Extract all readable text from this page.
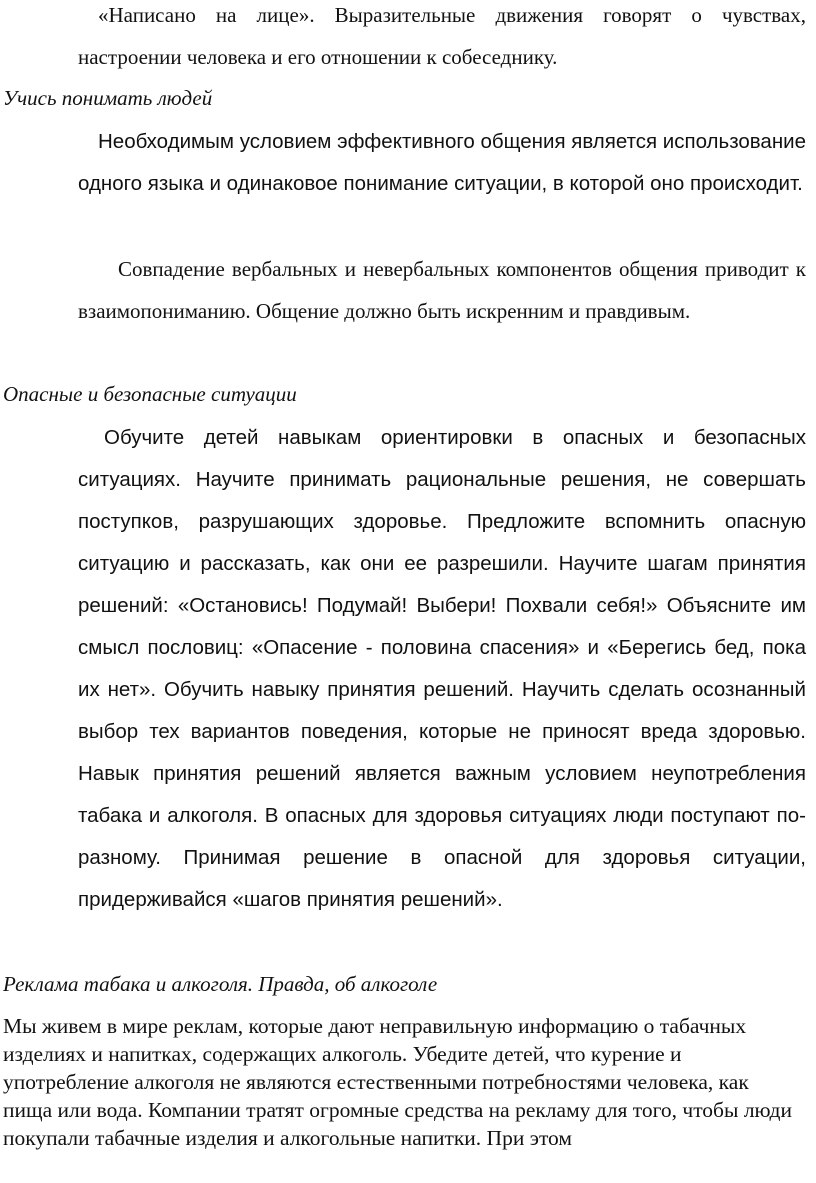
«Написано на лице». Выразительные движения говорят о чувствах, настроении человека и его отношении к собеседнику.

Учись понимать людей

Необходимым условием эффективного общения является использование одного языка и одинаковое понимание ситуации, в которой оно происходит.

Совпадение вербальных и невербальных компонентов общения приводит к взаимопониманию. Общение должно быть искренним и правдивым.

Опасные и безопасные ситуации

Обучите детей навыкам ориентировки в опасных и безопасных ситуациях. Научите принимать рациональные решения, не совершать поступков, разрушающих здоровье. Предложите вспомнить опасную ситуацию и рассказать, как они ее разрешили. Научите шагам принятия решений: «Остановись! Подумай! Выбери! Похвали себя!» Объясните им смысл пословиц: «Опасение - половина спасения» и «Берегись бед, пока их нет». Обучить навыку принятия решений. Научить сделать осознанный выбор тех вариантов поведения, которые не приносят вреда здоровью. Навык принятия решений является важным условием неупотребления табака и алкоголя. В опасных для здоровья ситуациях люди поступают по-разному. Принимая решение в опасной для здоровья ситуации, придерживайся «шагов принятия решений».

Реклама табака и алкоголя. Правда, об алкоголе

Мы живем в мире реклам, которые дают неправильную информацию о табачных изделиях и напитках, содержащих алкоголь. Убедите детей, что курение и употребление алкоголя не являются естественными потребностями человека, как пища или вода. Компании тратят огромные средства на рекламу для того, чтобы люди покупали табачные изделия и алкогольные напитки. При этом
